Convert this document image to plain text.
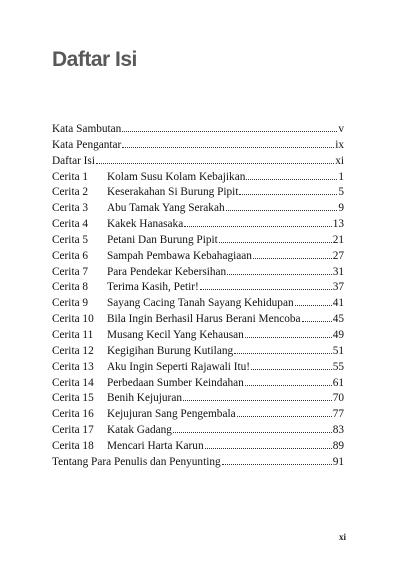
Daftar Isi
Kata Sambutan	v
Kata Pengantar	ix
Daftar Isi	xi
Cerita 1	Kolam Susu Kolam Kebajikan	1
Cerita 2	Keserakahan Si Burung Pipit	5
Cerita 3	Abu Tamak Yang Serakah	9
Cerita 4	Kakek Hanasaka	13
Cerita 5	Petani Dan Burung Pipit	21
Cerita 6	Sampah Pembawa Kebahagiaan	27
Cerita 7	Para Pendekar Kebersihan	31
Cerita 8	Terima Kasih, Petir!	37
Cerita 9	Sayang Cacing Tanah Sayang Kehidupan	41
Cerita 10	Bila Ingin Berhasil Harus Berani Mencoba	45
Cerita 11	Musang Kecil Yang Kehausan	49
Cerita 12	Kegigihan Burung Kutilang	51
Cerita 13	Aku Ingin Seperti Rajawali Itu!	55
Cerita 14	Perbedaan Sumber Keindahan	61
Cerita 15	Benih Kejujuran	70
Cerita 16	Kejujuran Sang Pengembala	77
Cerita 17	Katak Gadang	83
Cerita 18	Mencari Harta Karun	89
Tentang Para Penulis dan Penyunting	91
xi
